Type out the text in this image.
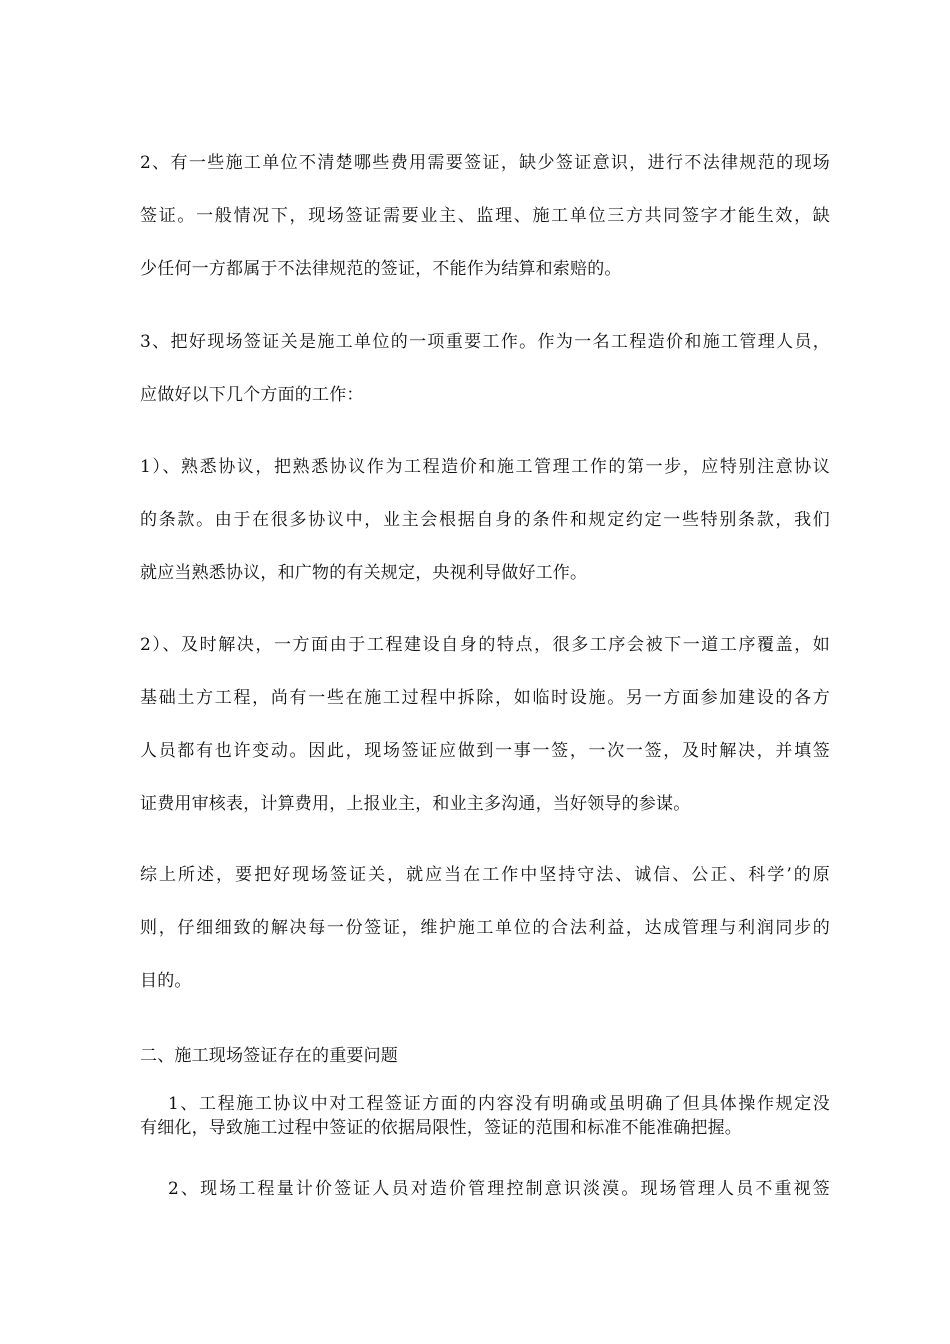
2、有一些施工单位不清楚哪些费用需要签证，缺少签证意识，进行不法律规范的现场
签证。一般情况下，现场签证需要业主、监理、施工单位三方共同签字才能生效，缺
少任何一方都属于不法律规范的签证，不能作为结算和索赔的。
3、把好现场签证关是施工单位的一项重要工作。作为一名工程造价和施工管理人员，
应做好以下几个方面的工作：
1）、熟悉协议，把熟悉协议作为工程造价和施工管理工作的第一步，应特别注意协议
的条款。由于在很多协议中，业主会根据自身的条件和规定约定一些特别条款，我们
就应当熟悉协议，和广物的有关规定，央视利导做好工作。
2）、及时解决，一方面由于工程建设自身的特点，很多工序会被下一道工序覆盖，如
基础土方工程，尚有一些在施工过程中拆除，如临时设施。另一方面参加建设的各方
人员都有也许变动。因此，现场签证应做到一事一签，一次一签，及时解决，并填签
证费用审核表，计算费用，上报业主，和业主多沟通，当好领导的参谋。
综上所述，要把好现场签证关，就应当在工作中坚持守法、诚信、公正、科学’的原
则，仔细细致的解决每一份签证，维护施工单位的合法利益，达成管理与利润同步的
目的。
二、施工现场签证存在的重要问题
1、工程施工协议中对工程签证方面的内容没有明确或虽明确了但具体操作规定没
有细化，导致施工过程中签证的依据局限性，签证的范围和标准不能准确把握。
2、现场工程量计价签证人员对造价管理控制意识淡漠。现场管理人员不重视签
